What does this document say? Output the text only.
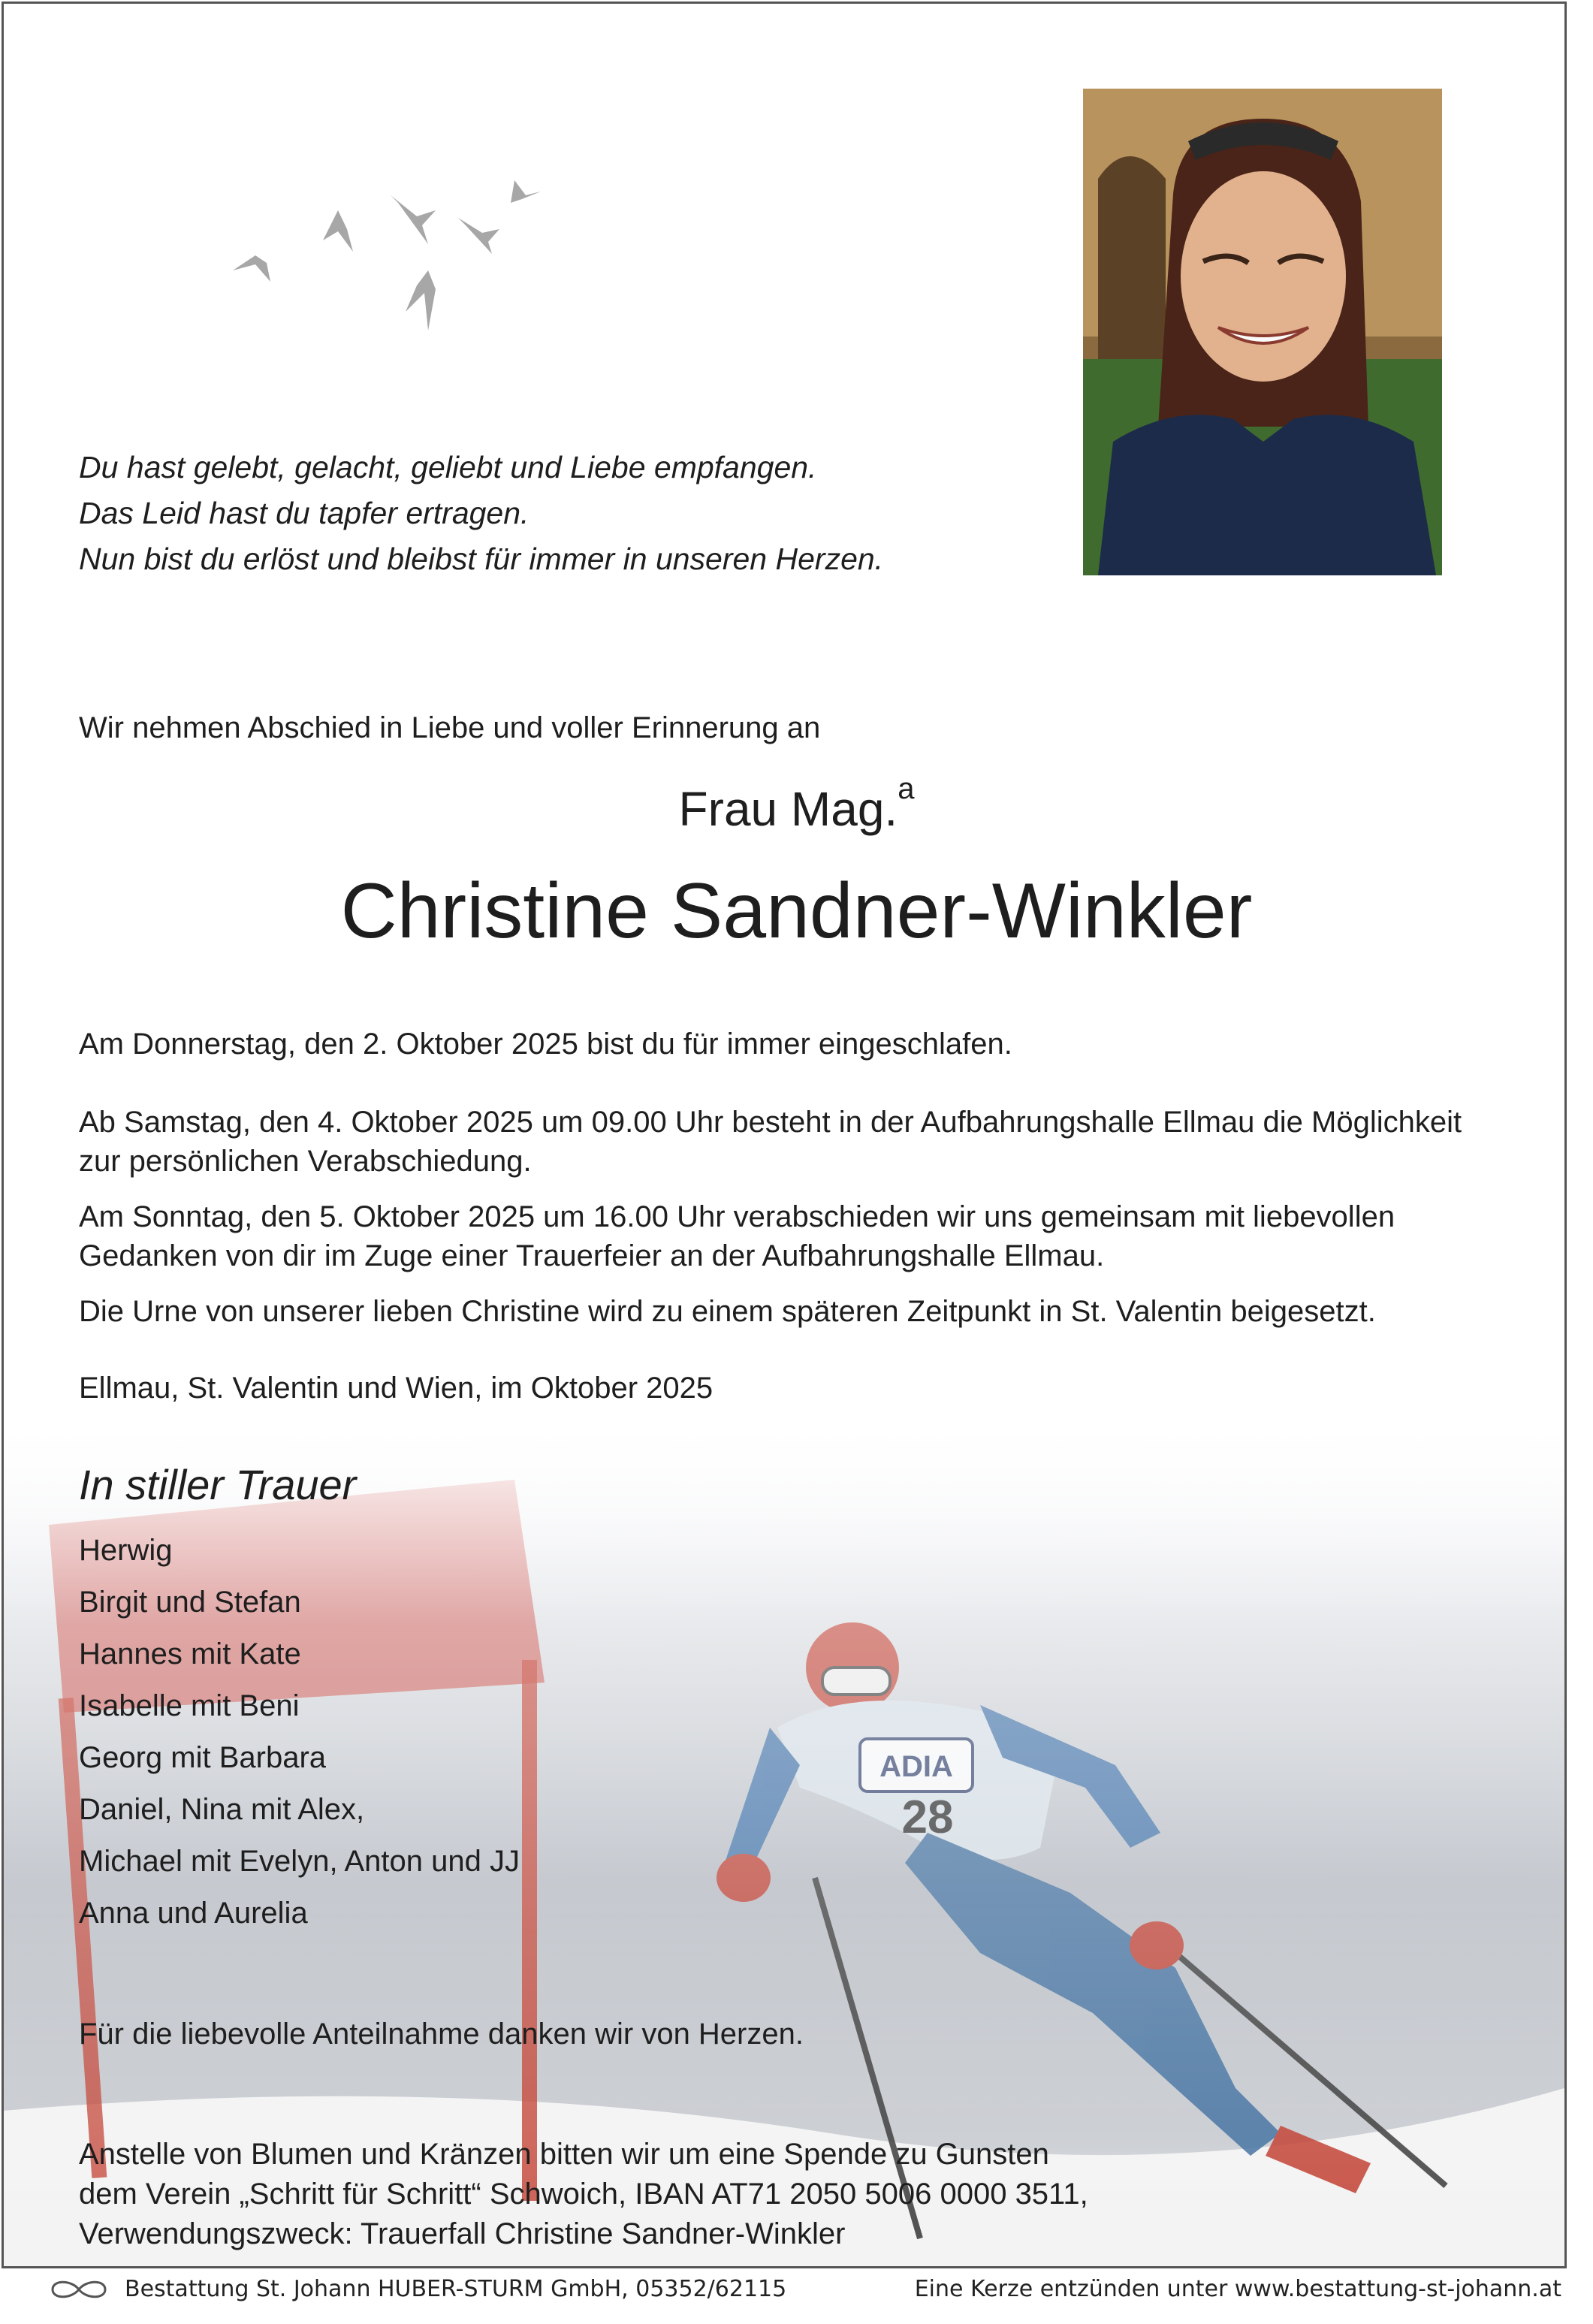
Du hast gelebt, gelacht, geliebt und Liebe empfangen.
Das Leid hast du tapfer ertragen.
Nun bist du erlöst und bleibst für immer in unseren Herzen.
Wir nehmen Abschied in Liebe und voller Erinnerung an
Frau Mag.$^a$
Christine Sandner-Winkler
Am Donnerstag, den 2. Oktober 2025 bist du für immer eingeschlafen.
Ab Samstag, den 4. Oktober 2025 um 09.00 Uhr besteht in der Aufbahrungshalle Ellmau die Möglichkeit zur persönlichen Verabschiedung.
Am Sonntag, den 5. Oktober 2025 um 16.00 Uhr verabschieden wir uns gemeinsam mit liebevollen Gedanken von dir im Zuge einer Trauerfeier an der Aufbahrungshalle Ellmau.
Die Urne von unserer lieben Christine wird zu einem späteren Zeitpunkt in St. Valentin beigesetzt.
Ellmau, St. Valentin und Wien, im Oktober 2025
In stiller Trauer
Herwig
Birgit und Stefan
Hannes mit Kate
Isabelle mit Beni
Georg mit Barbara
Daniel, Nina mit Alex,
Michael mit Evelyn, Anton und JJ
Anna und Aurelia
Für die liebevolle Anteilnahme danken wir von Herzen.
Anstelle von Blumen und Kränzen bitten wir um eine Spende zu Gunsten
dem Verein „Schritt für Schritt“ Schwoich, IBAN AT71 2050 5006 0000 3511,
Verwendungszweck: Trauerfall Christine Sandner-Winkler
Bestattung St. Johann HUBER-STURM GmbH, 05352/62115	Eine Kerze entzünden unter www.bestattung-st-johann.at
